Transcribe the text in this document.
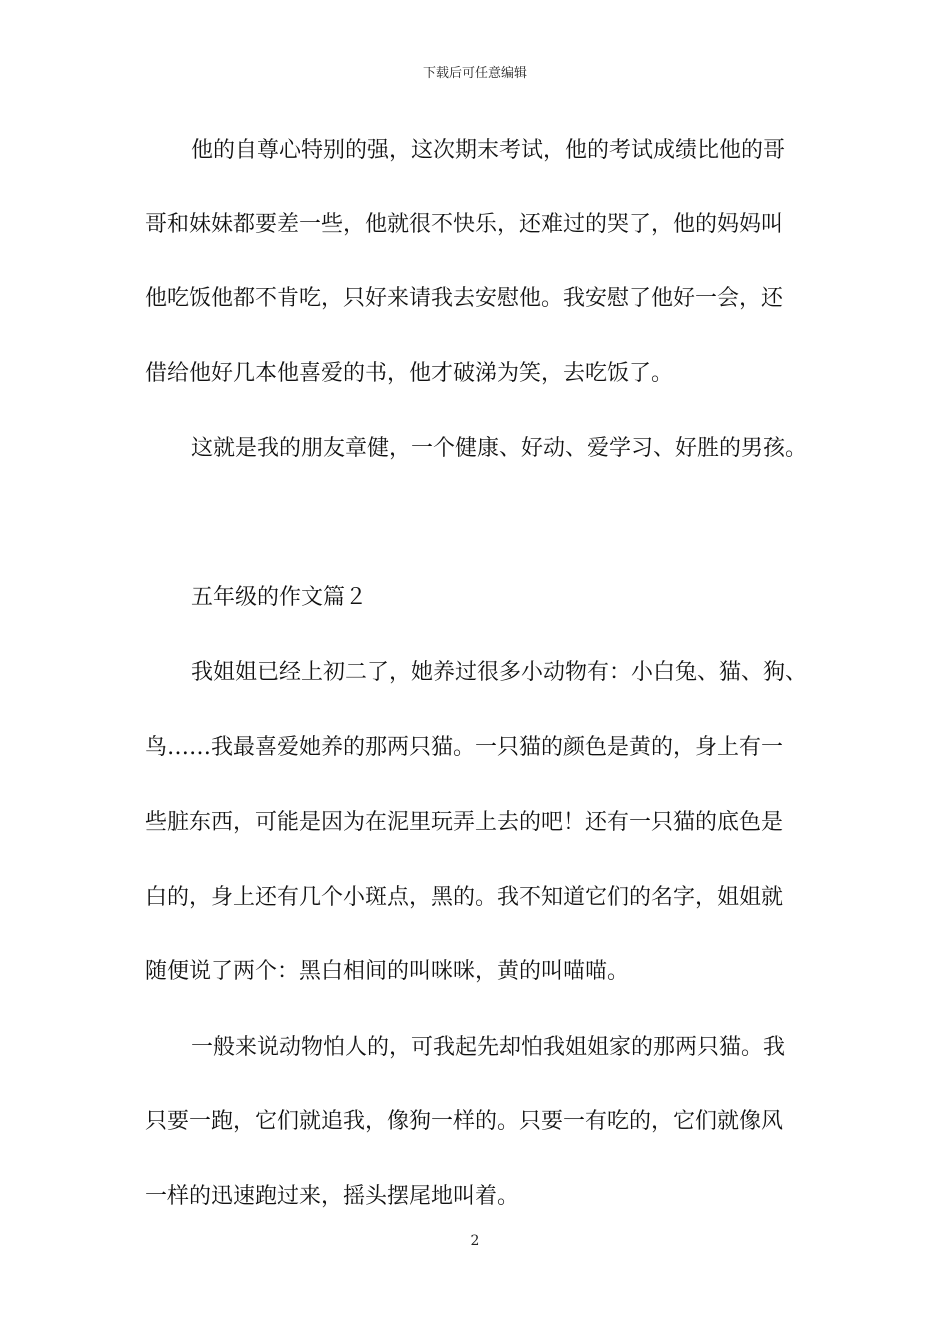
下载后可任意编辑
他的自尊心特别的强，这次期末考试，他的考试成绩比他的哥
哥和妹妹都要差一些，他就很不快乐，还难过的哭了，他的妈妈叫
他吃饭他都不肯吃，只好来请我去安慰他。我安慰了他好一会，还
借给他好几本他喜爱的书，他才破涕为笑，去吃饭了。
这就是我的朋友章健，一个健康、好动、爱学习、好胜的男孩。
五年级的作文篇２
我姐姐已经上初二了，她养过很多小动物有：小白兔、猫、狗、
鸟……我最喜爱她养的那两只猫。一只猫的颜色是黄的，身上有一
些脏东西，可能是因为在泥里玩弄上去的吧！还有一只猫的底色是
白的，身上还有几个小斑点，黑的。我不知道它们的名字，姐姐就
随便说了两个：黑白相间的叫咪咪，黄的叫喵喵。
一般来说动物怕人的，可我起先却怕我姐姐家的那两只猫。我
只要一跑，它们就追我，像狗一样的。只要一有吃的，它们就像风
一样的迅速跑过来，摇头摆尾地叫着。
2
